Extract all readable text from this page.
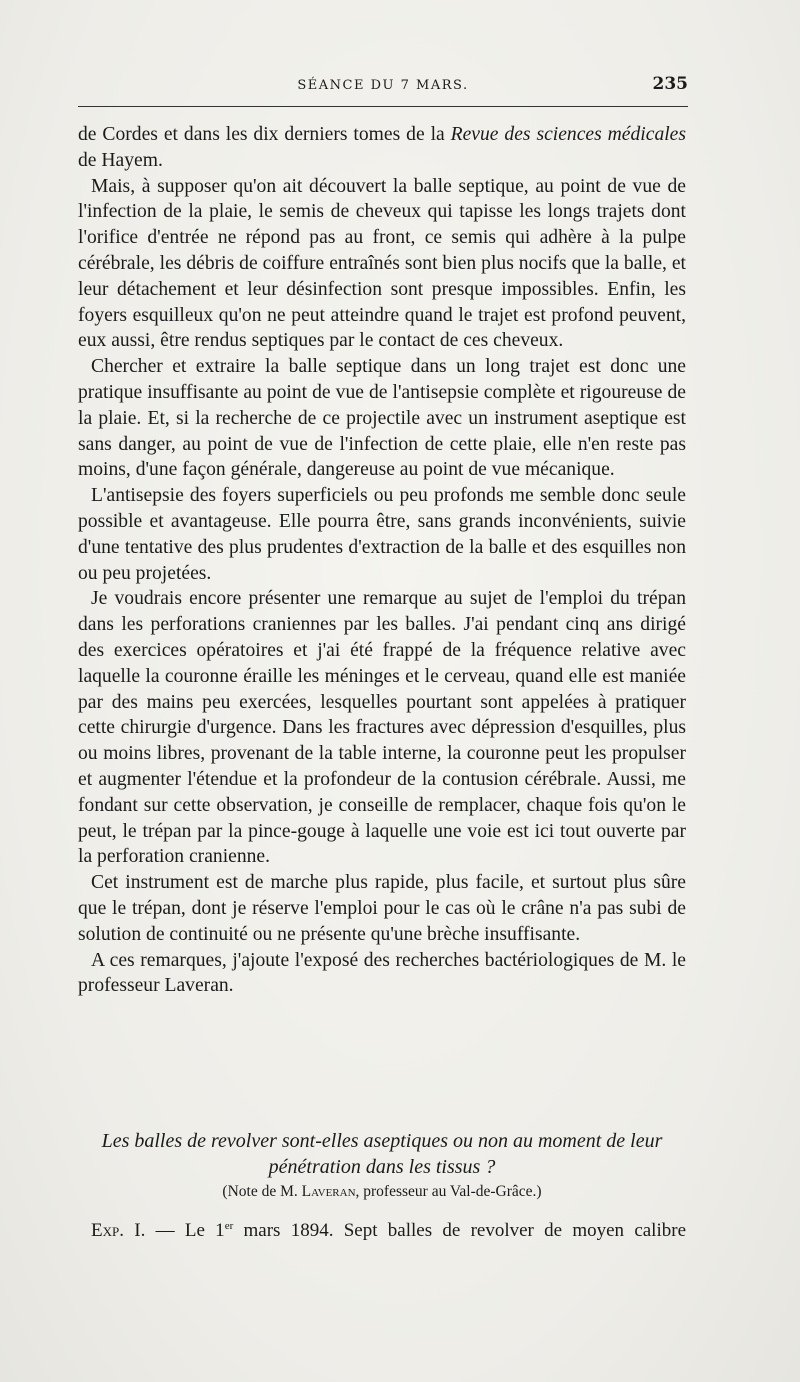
SÉANCE DU 7 MARS.	235

de Cordes et dans les dix derniers tomes de la Revue des sciences médicales de Hayem.

Mais, à supposer qu'on ait découvert la balle septique, au point de vue de l'infection de la plaie, le semis de cheveux qui tapisse les longs trajets dont l'orifice d'entrée ne répond pas au front, ce semis qui adhère à la pulpe cérébrale, les débris de coiffure entraînés sont bien plus nocifs que la balle, et leur détachement et leur désinfection sont presque impossibles. Enfin, les foyers esquilleux qu'on ne peut atteindre quand le trajet est profond peuvent, eux aussi, être rendus septiques par le contact de ces cheveux.

Chercher et extraire la balle septique dans un long trajet est donc une pratique insuffisante au point de vue de l'antisepsie complète et rigoureuse de la plaie. Et, si la recherche de ce projectile avec un instrument aseptique est sans danger, au point de vue de l'infection de cette plaie, elle n'en reste pas moins, d'une façon générale, dangereuse au point de vue mécanique.

L'antisepsie des foyers superficiels ou peu profonds me semble donc seule possible et avantageuse. Elle pourra être, sans grands inconvénients, suivie d'une tentative des plus prudentes d'extraction de la balle et des esquilles non ou peu projetées.

Je voudrais encore présenter une remarque au sujet de l'emploi du trépan dans les perforations craniennes par les balles. J'ai pendant cinq ans dirigé des exercices opératoires et j'ai été frappé de la fréquence relative avec laquelle la couronne éraille les méninges et le cerveau, quand elle est maniée par des mains peu exercées, lesquelles pourtant sont appelées à pratiquer cette chirurgie d'urgence. Dans les fractures avec dépression d'esquilles, plus ou moins libres, provenant de la table interne, la couronne peut les propulser et augmenter l'étendue et la profondeur de la contusion cérébrale. Aussi, me fondant sur cette observation, je conseille de remplacer, chaque fois qu'on le peut, le trépan par la pince-gouge à laquelle une voie est ici tout ouverte par la perforation cranienne.

Cet instrument est de marche plus rapide, plus facile, et surtout plus sûre que le trépan, dont je réserve l'emploi pour le cas où le crâne n'a pas subi de solution de continuité ou ne présente qu'une brèche insuffisante.

A ces remarques, j'ajoute l'exposé des recherches bactériologiques de M. le professeur Laveran.

Les balles de revolver sont-elles aseptiques ou non au moment de leur pénétration dans les tissus ?
(Note de M. Laveran, professeur au Val-de-Grâce.)
Exp. I. — Le 1er mars 1894. Sept balles de revolver de moyen calibre
